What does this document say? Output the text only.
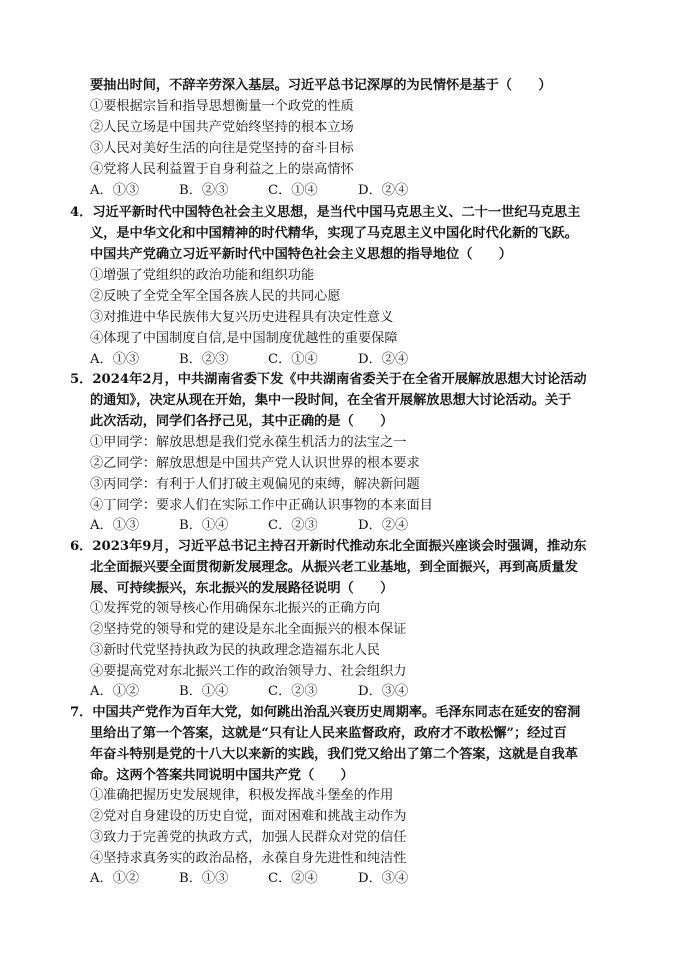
要抽出时间，不辞辛劳深入基层。习近平总书记深厚的为民情怀是基于（　　）
①要根据宗旨和指导思想衡量一个政党的性质
②人民立场是中国共产党始终坚持的根本立场
③人民对美好生活的向往是党坚持的奋斗目标
④党将人民利益置于自身利益之上的崇高情怀
A．①③	B．②③	C．①④	D．②④
4．习近平新时代中国特色社会主义思想，是当代中国马克思主义、二十一世纪马克思主
义，是中华文化和中国精神的时代精华，实现了马克思主义中国化时代化新的飞跃。
中国共产党确立习近平新时代中国特色社会主义思想的指导地位（　　）
①增强了党组织的政治功能和组织功能
②反映了全党全军全国各族人民的共同心愿
③对推进中华民族伟大复兴历史进程具有决定性意义
④体现了中国制度自信,是中国制度优越性的重要保障
A．①③	B．②③	C．①④	D．②④
5．2024年2月，中共湖南省委下发《中共湖南省委关于在全省开展解放思想大讨论活动
的通知》，决定从现在开始，集中一段时间，在全省开展解放思想大讨论活动。关于
此次活动，同学们各抒己见，其中正确的是（　　）
①甲同学：解放思想是我们党永葆生机活力的法宝之一
②乙同学：解放思想是中国共产党人认识世界的根本要求
③丙同学：有利于人们打破主观偏见的束缚，解决新问题
④丁同学：要求人们在实际工作中正确认识事物的本来面目
A．①③	B．①④	C．②③	D．②④
6．2023年9月，习近平总书记主持召开新时代推动东北全面振兴座谈会时强调，推动东
北全面振兴要全面贯彻新发展理念。从振兴老工业基地，到全面振兴，再到高质量发
展、可持续振兴，东北振兴的发展路径说明（　　）
①发挥党的领导核心作用确保东北振兴的正确方向
②坚持党的领导和党的建设是东北全面振兴的根本保证
③新时代党坚持执政为民的执政理念造福东北人民
④要提高党对东北振兴工作的政治领导力、社会组织力
A．①②	B．①④	C．②③	D．③④
7．中国共产党作为百年大党，如何跳出治乱兴衰历史周期率。毛泽东同志在延安的窑洞
里给出了第一个答案，这就是“只有让人民来监督政府，政府才不敢松懈”；经过百
年奋斗特别是党的十八大以来新的实践，我们党又给出了第二个答案，这就是自我革
命。这两个答案共同说明中国共产党（　　）
①准确把握历史发展规律，积极发挥战斗堡垒的作用
②党对自身建设的历史自觉，面对困难和挑战主动作为
③致力于完善党的执政方式，加强人民群众对党的信任
④坚持求真务实的政治品格，永葆自身先进性和纯洁性
A．①②	B．①③	C．②④	D．③④
